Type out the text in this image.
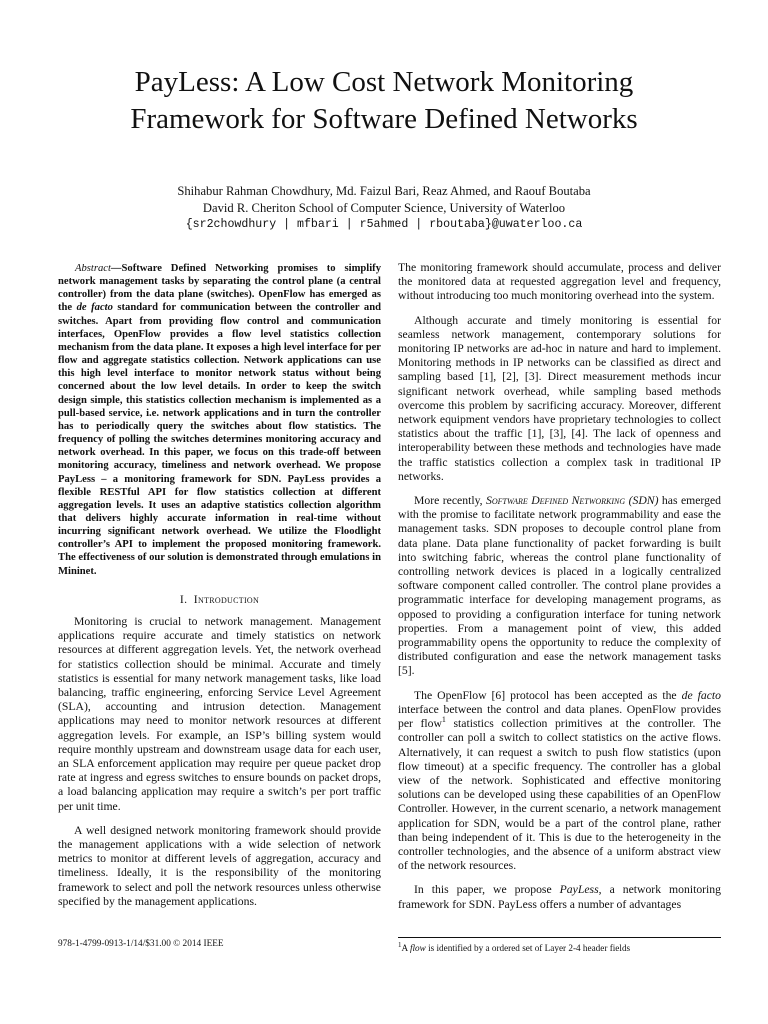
PayLess: A Low Cost Network Monitoring
Framework for Software Defined Networks
Shihabur Rahman Chowdhury, Md. Faizul Bari, Reaz Ahmed, and Raouf Boutaba
David R. Cheriton School of Computer Science, University of Waterloo
{sr2chowdhury | mfbari | r5ahmed | rboutaba}@uwaterloo.ca

Abstract—Software Defined Networking promises to simplify network management tasks by separating the control plane (a central controller) from the data plane (switches). OpenFlow has emerged as the de facto standard for communication between the controller and switches. Apart from providing flow control and communication interfaces, OpenFlow provides a flow level statistics collection mechanism from the data plane. It exposes a high level interface for per flow and aggregate statistics collection. Network applications can use this high level interface to monitor network status without being concerned about the low level details. In order to keep the switch design simple, this statistics collection mechanism is implemented as a pull-based service, i.e. network applications and in turn the controller has to periodically query the switches about flow statistics. The frequency of polling the switches determines monitoring accuracy and network overhead. In this paper, we focus on this trade-off between monitoring accuracy, timeliness and network overhead. We propose PayLess – a monitoring framework for SDN. PayLess provides a flexible RESTful API for flow statistics collection at different aggregation levels. It uses an adaptive statistics collection algorithm that delivers highly accurate information in real-time without incurring significant network overhead. We utilize the Floodlight controller’s API to implement the proposed monitoring framework. The effectiveness of our solution is demonstrated through emulations in Mininet.

I. Introduction

Monitoring is crucial to network management. Management applications require accurate and timely statistics on network resources at different aggregation levels. Yet, the network overhead for statistics collection should be minimal. Accurate and timely statistics is essential for many network management tasks, like load balancing, traffic engineering, enforcing Service Level Agreement (SLA), accounting and intrusion detection. Management applications may need to monitor network resources at different aggregation levels. For example, an ISP’s billing system would require monthly upstream and downstream usage data for each user, an SLA enforcement application may require per queue packet drop rate at ingress and egress switches to ensure bounds on packet drops, a load balancing application may require a switch’s per port traffic per unit time.

A well designed network monitoring framework should provide the management applications with a wide selection of network metrics to monitor at different levels of aggregation, accuracy and timeliness. Ideally, it is the responsibility of the monitoring framework to select and poll the network resources unless otherwise specified by the management applications.

978-1-4799-0913-1/14/$31.00 © 2014 IEEE

The monitoring framework should accumulate, process and deliver the monitored data at requested aggregation level and frequency, without introducing too much monitoring overhead into the system.

Although accurate and timely monitoring is essential for seamless network management, contemporary solutions for monitoring IP networks are ad-hoc in nature and hard to implement. Monitoring methods in IP networks can be classified as direct and sampling based [1], [2], [3]. Direct measurement methods incur significant network overhead, while sampling based methods overcome this problem by sacrificing accuracy. Moreover, different network equipment vendors have proprietary technologies to collect statistics about the traffic [1], [3], [4]. The lack of openness and interoperability between these methods and technologies have made the traffic statistics collection a complex task in traditional IP networks.

More recently, Software Defined Networking (SDN) has emerged with the promise to facilitate network programmability and ease the management tasks. SDN proposes to decouple control plane from data plane. Data plane functionality of packet forwarding is built into switching fabric, whereas the control plane functionality of controlling network devices is placed in a logically centralized software component called controller. The control plane provides a programmatic interface for developing management programs, as opposed to providing a configuration interface for tuning network properties. From a management point of view, this added programmability opens the opportunity to reduce the complexity of distributed configuration and ease the network management tasks [5].

The OpenFlow [6] protocol has been accepted as the de facto interface between the control and data planes. OpenFlow provides per flow$^1$ statistics collection primitives at the controller. The controller can poll a switch to collect statistics on the active flows. Alternatively, it can request a switch to push flow statistics (upon flow timeout) at a specific frequency. The controller has a global view of the network. Sophisticated and effective monitoring solutions can be developed using these capabilities of an OpenFlow Controller. However, in the current scenario, a network management application for SDN, would be a part of the control plane, rather than being independent of it. This is due to the heterogeneity in the controller technologies, and the absence of a uniform abstract view of the network resources.

In this paper, we propose PayLess, a network monitoring framework for SDN. PayLess offers a number of advantages

$^1$A flow is identified by a ordered set of Layer 2-4 header fields
